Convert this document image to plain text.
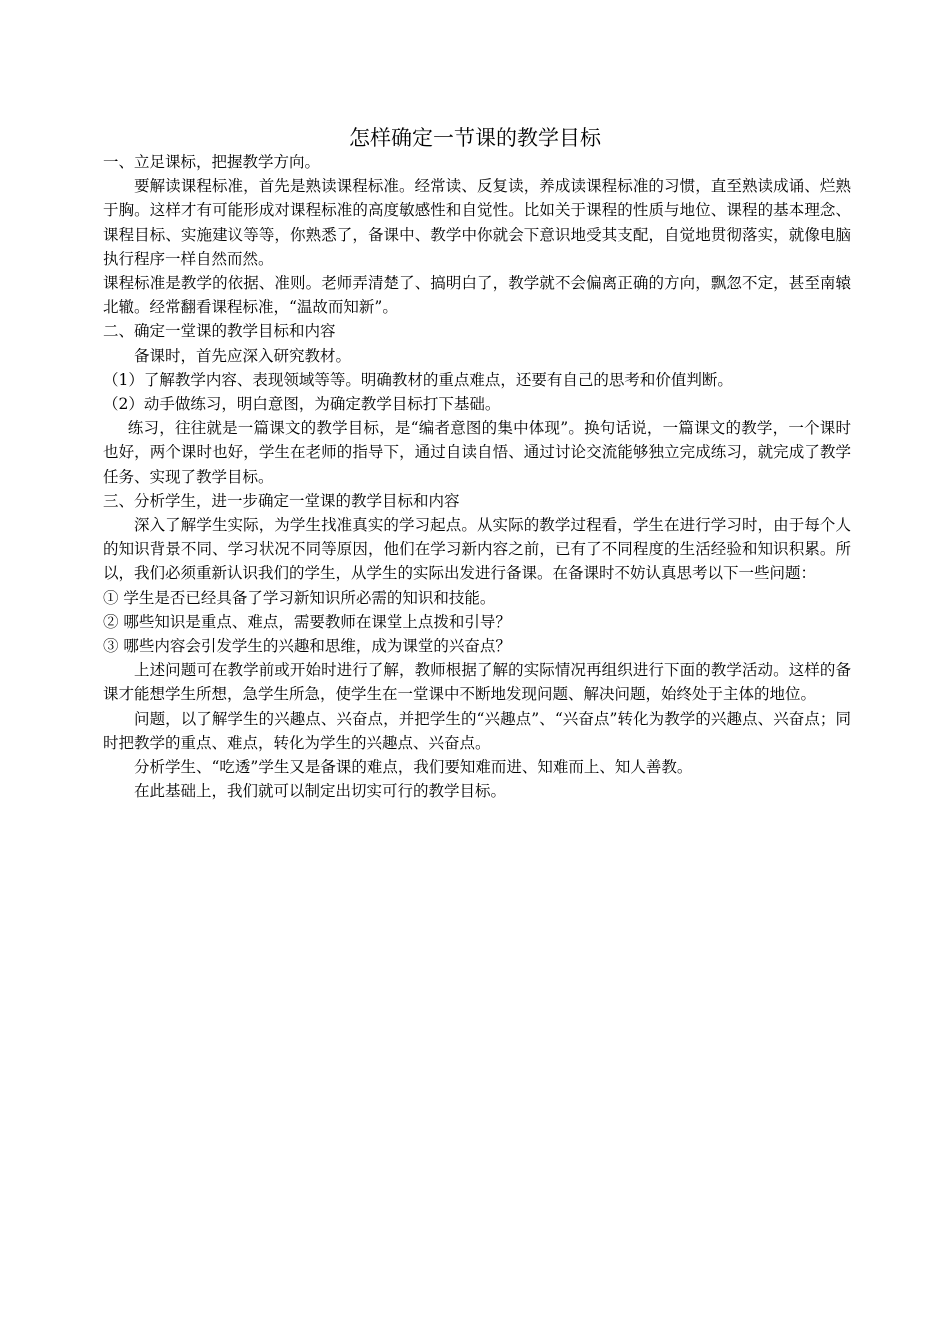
怎样确定一节课的教学目标

一、立足课标，把握教学方向。

要解读课程标准，首先是熟读课程标准。经常读、反复读，养成读课程标准的习惯，直至熟读成诵、烂熟于胸。这样才有可能形成对课程标准的高度敏感性和自觉性。比如关于课程的性质与地位、课程的基本理念、课程目标、实施建议等等，你熟悉了，备课中、教学中你就会下意识地受其支配，自觉地贯彻落实，就像电脑执行程序一样自然而然。

课程标准是教学的依据、准则。老师弄清楚了、搞明白了，教学就不会偏离正确的方向，飘忽不定，甚至南辕北辙。经常翻看课程标准，“温故而知新”。

二、确定一堂课的教学目标和内容

备课时，首先应深入研究教材。

（1）了解教学内容、表现领域等等。明确教材的重点难点，还要有自己的思考和价值判断。

（2）动手做练习，明白意图，为确定教学目标打下基础。

练习，往往就是一篇课文的教学目标，是“编者意图的集中体现”。换句话说，一篇课文的教学，一个课时也好，两个课时也好，学生在老师的指导下，通过自读自悟、通过讨论交流能够独立完成练习，就完成了教学任务、实现了教学目标。

三、分析学生，进一步确定一堂课的教学目标和内容

深入了解学生实际，为学生找准真实的学习起点。从实际的教学过程看，学生在进行学习时，由于每个人的知识背景不同、学习状况不同等原因，他们在学习新内容之前，已有了不同程度的生活经验和知识积累。所以，我们必须重新认识我们的学生，从学生的实际出发进行备课。在备课时不妨认真思考以下一些问题：

① 学生是否已经具备了学习新知识所必需的知识和技能。

② 哪些知识是重点、难点，需要教师在课堂上点拨和引导？

③ 哪些内容会引发学生的兴趣和思维，成为课堂的兴奋点？

上述问题可在教学前或开始时进行了解，教师根据了解的实际情况再组织进行下面的教学活动。这样的备课才能想学生所想，急学生所急，使学生在一堂课中不断地发现问题、解决问题，始终处于主体的地位。

问题，以了解学生的兴趣点、兴奋点，并把学生的“兴趣点”、“兴奋点”转化为教学的兴趣点、兴奋点；同时把教学的重点、难点，转化为学生的兴趣点、兴奋点。

分析学生、“吃透”学生又是备课的难点，我们要知难而进、知难而上、知人善教。

在此基础上，我们就可以制定出切实可行的教学目标。
